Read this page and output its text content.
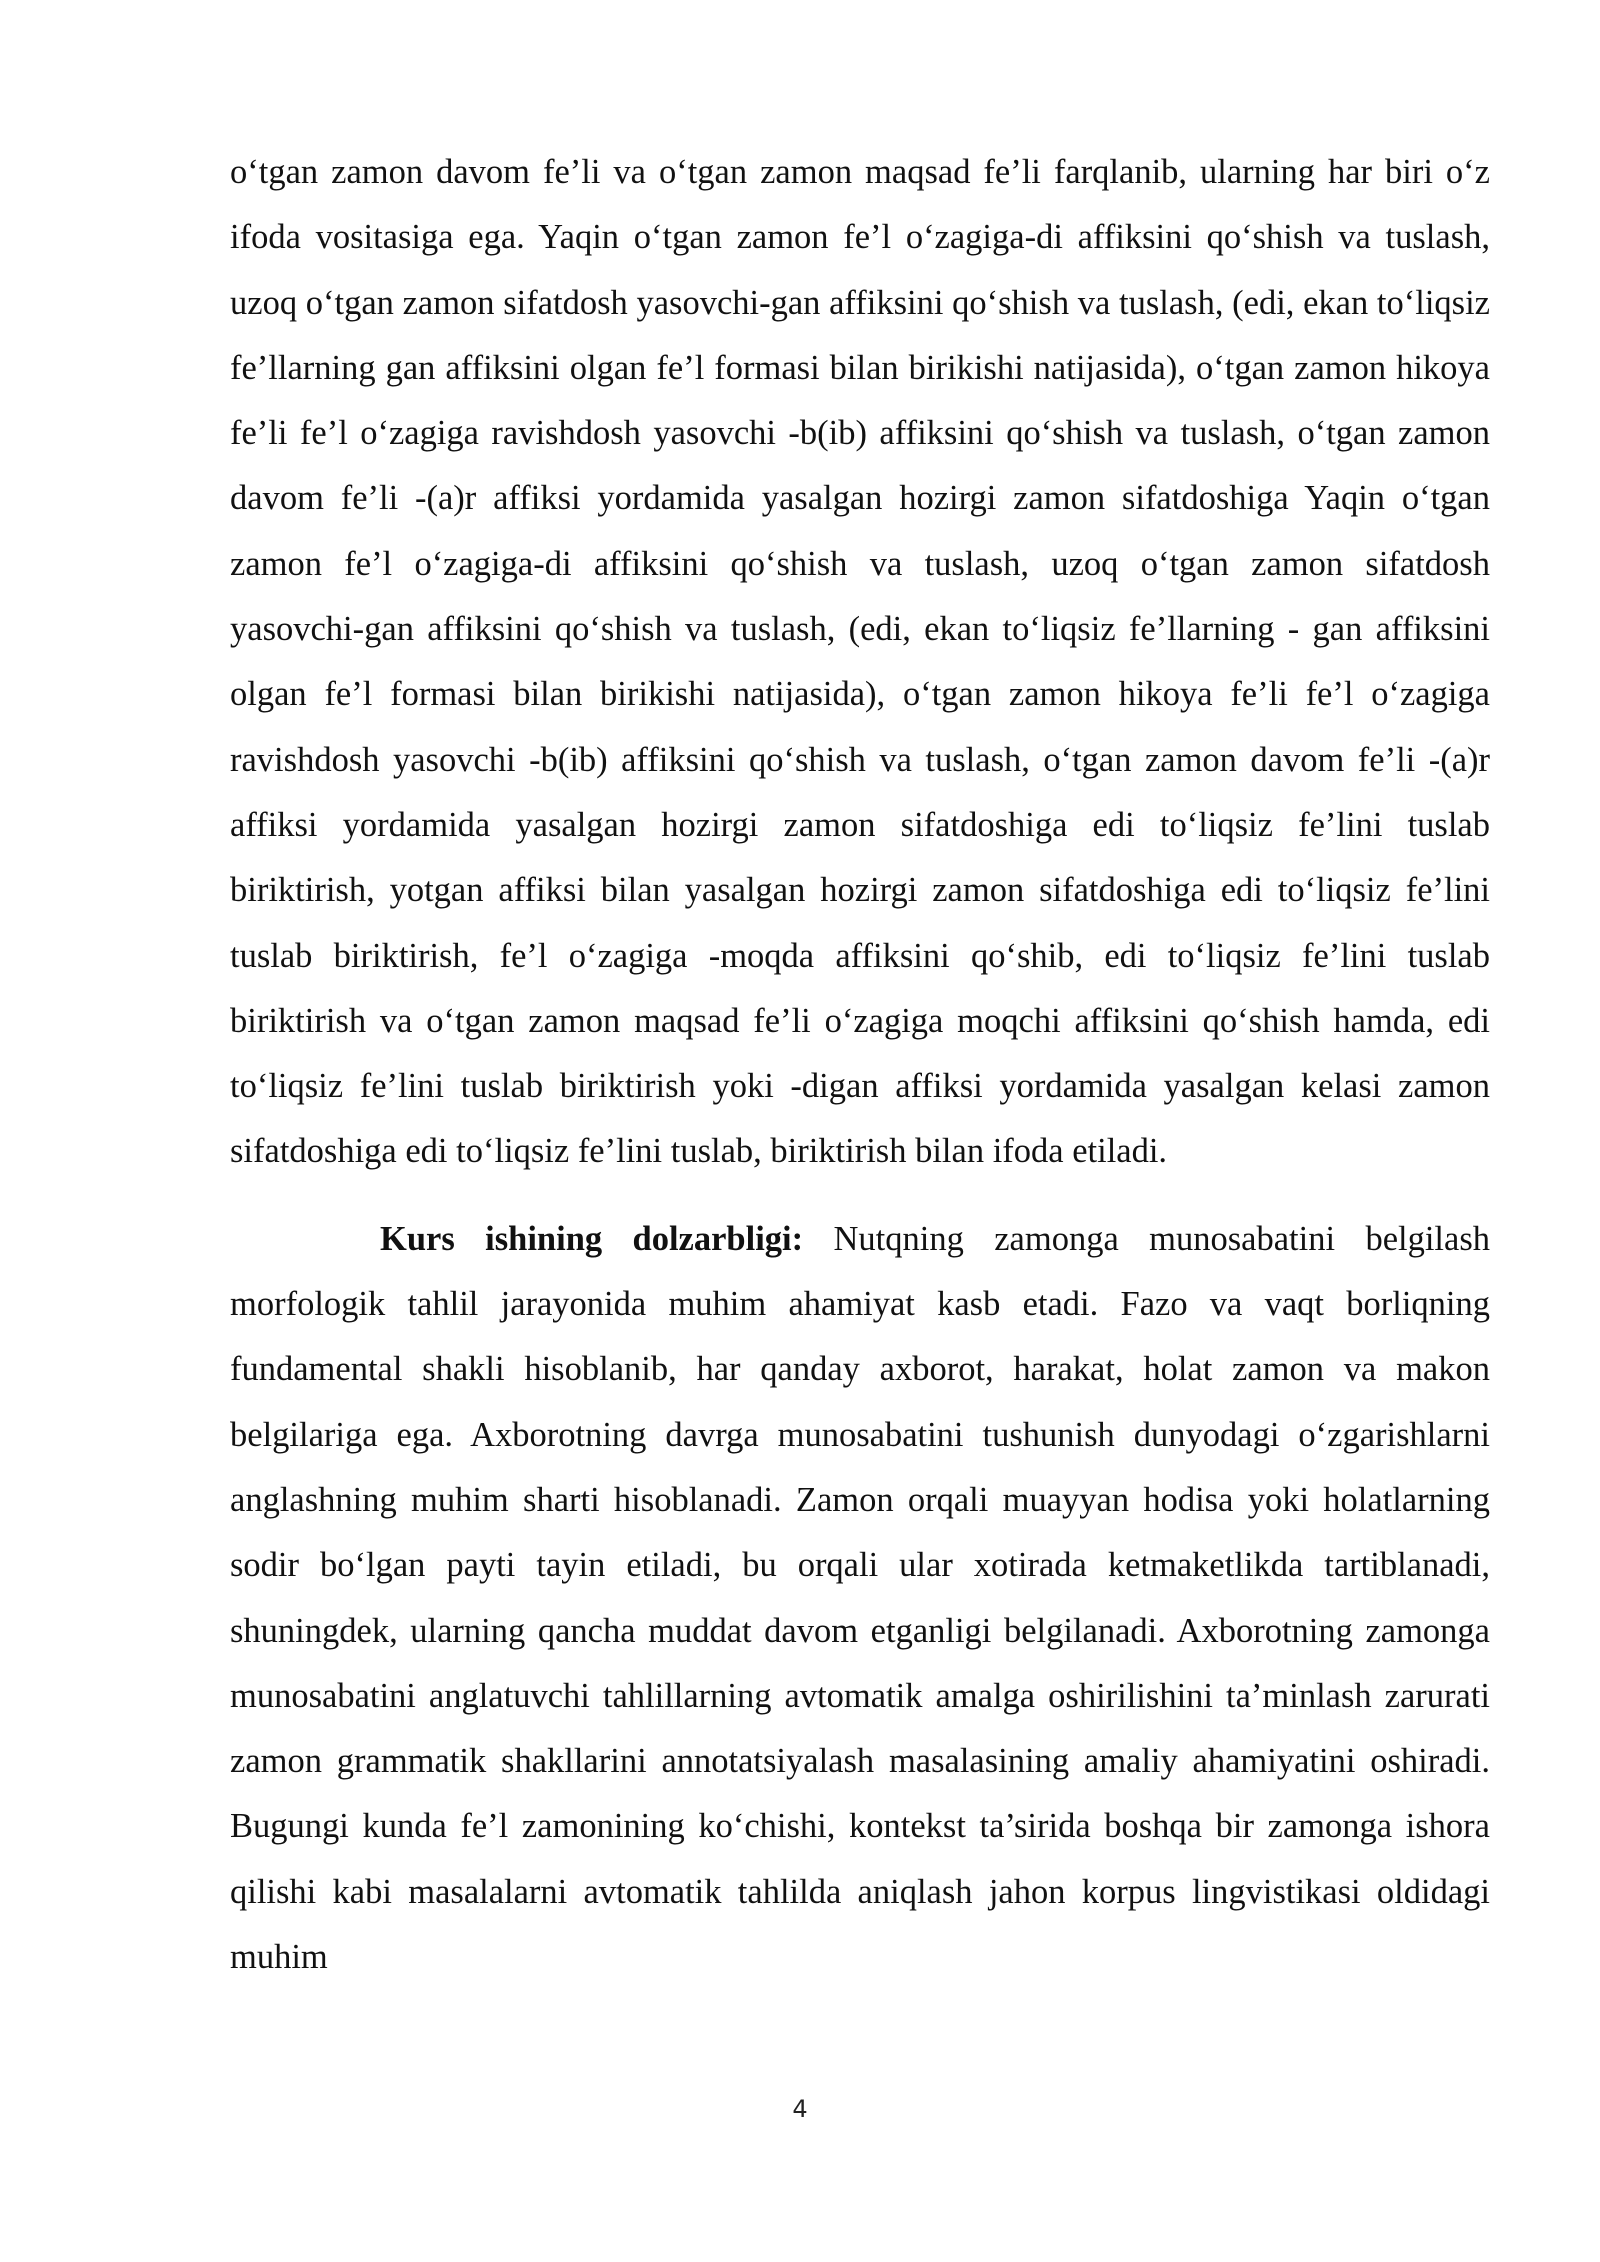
o‘tgan zamon davom fe’li va o‘tgan zamon maqsad fe’li farqlanib, ularning har biri o‘z ifoda vositasiga ega. Yaqin o‘tgan zamon fe’l o‘zagiga-di affiksini qo‘shish va tuslash, uzoq o‘tgan zamon sifatdosh yasovchi-gan affiksini qo‘shish va tuslash, (edi, ekan to‘liqsiz fe’llarning gan affiksini olgan fe’l formasi bilan birikishi natijasida), o‘tgan zamon hikoya fe’li fe’l o‘zagiga ravishdosh yasovchi -b(ib) affiksini qo‘shish va tuslash, o‘tgan zamon davom fe’li -(a)r affiksi yordamida yasalgan hozirgi zamon sifatdoshiga Yaqin o‘tgan zamon fe’l o‘zagiga-di affiksini qo‘shish va tuslash, uzoq o‘tgan zamon sifatdosh yasovchi-gan affiksini qo‘shish va tuslash, (edi, ekan to‘liqsiz fe’llarning - gan affiksini olgan fe’l formasi bilan birikishi natijasida), o‘tgan zamon hikoya fe’li fe’l o‘zagiga ravishdosh yasovchi -b(ib) affiksini qo‘shish va tuslash, o‘tgan zamon davom fe’li -(a)r affiksi yordamida yasalgan hozirgi zamon sifatdoshiga edi to‘liqsiz fe’lini tuslab biriktirish, yotgan affiksi bilan yasalgan hozirgi zamon sifatdoshiga edi to‘liqsiz fe’lini tuslab biriktirish, fe’l o‘zagiga -moqda affiksini qo‘shib, edi to‘liqsiz fe’lini tuslab biriktirish va o‘tgan zamon maqsad fe’li o‘zagiga moqchi affiksini qo‘shish hamda, edi to‘liqsiz fe’lini tuslab biriktirish yoki -digan affiksi yordamida yasalgan kelasi zamon sifatdoshiga edi to‘liqsiz fe’lini tuslab, biriktirish bilan ifoda etiladi.

Kurs ishining dolzarbligi: Nutqning zamonga munosabatini belgilash morfologik tahlil jarayonida muhim ahamiyat kasb etadi. Fazo va vaqt borliqning fundamental shakli hisoblanib, har qanday axborot, harakat, holat zamon va makon belgilariga ega. Axborotning davrga munosabatini tushunish dunyodagi o‘zgarishlarni anglashning muhim sharti hisoblanadi. Zamon orqali muayyan hodisa yoki holatlarning sodir bo‘lgan payti tayin etiladi, bu orqali ular xotirada ketmaketlikda tartiblanadi, shuningdek, ularning qancha muddat davom etganligi belgilanadi. Axborotning zamonga munosabatini anglatuvchi tahlillarning avtomatik amalga oshirilishini ta’minlash zarurati zamon grammatik shakllarini annotatsiyalash masalasining amaliy ahamiyatini oshiradi. Bugungi kunda fe’l zamonining ko‘chishi, kontekst ta’sirida boshqa bir zamonga ishora qilishi kabi masalalarni avtomatik tahlilda aniqlash jahon korpus lingvistikasi oldidagi muhim

4
